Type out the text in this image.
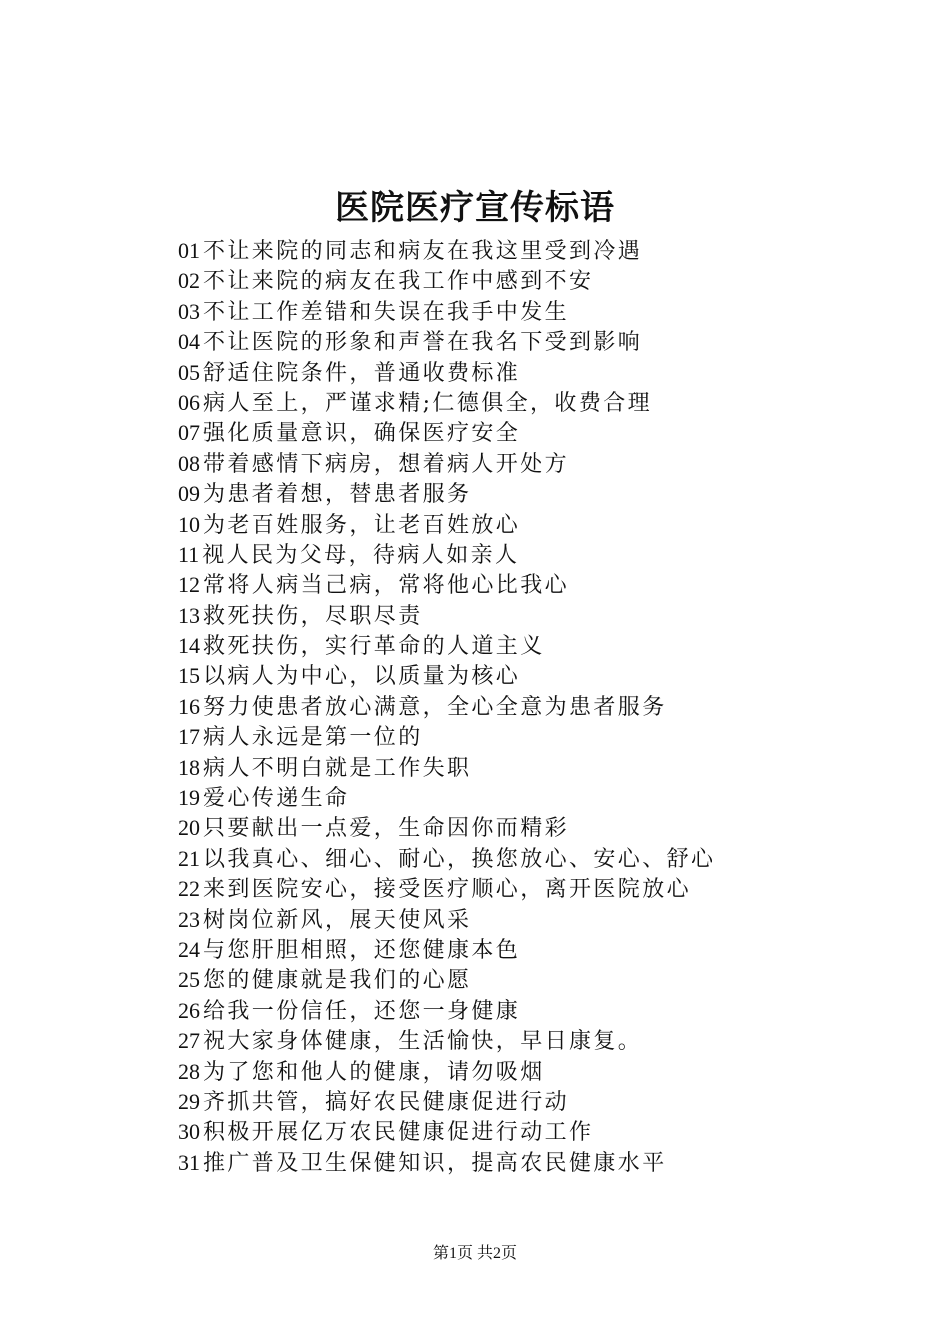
医院医疗宣传标语
01 不让来院的同志和病友在我这里受到冷遇
02 不让来院的病友在我工作中感到不安
03 不让工作差错和失误在我手中发生
04 不让医院的形象和声誉在我名下受到影响
05 舒适住院条件，普通收费标准
06 病人至上，严谨求精;仁德俱全，收费合理
07 强化质量意识，确保医疗安全
08 带着感情下病房，想着病人开处方
09 为患者着想，替患者服务
10 为老百姓服务，让老百姓放心
11 视人民为父母，待病人如亲人
12 常将人病当己病，常将他心比我心
13 救死扶伤，尽职尽责
14 救死扶伤，实行革命的人道主义
15 以病人为中心，以质量为核心
16 努力使患者放心满意，全心全意为患者服务
17 病人永远是第一位的
18 病人不明白就是工作失职
19 爱心传递生命
20 只要献出一点爱，生命因你而精彩
21 以我真心、细心、耐心，换您放心、安心、舒心
22 来到医院安心，接受医疗顺心，离开医院放心
23 树岗位新风，展天使风采
24 与您肝胆相照，还您健康本色
25 您的健康就是我们的心愿
26 给我一份信任，还您一身健康
27 祝大家身体健康，生活愉快，早日康复。
28 为了您和他人的健康，请勿吸烟
29 齐抓共管，搞好农民健康促进行动
30 积极开展亿万农民健康促进行动工作
31 推广普及卫生保健知识，提高农民健康水平
第1页 共2页
